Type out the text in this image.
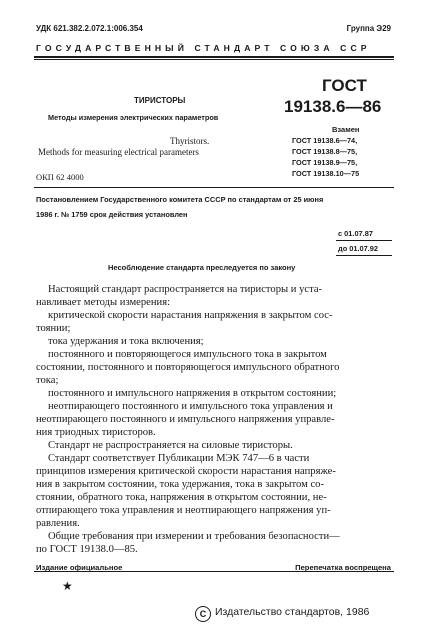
УДК 621.382.2.072.1:006.354	Группа Э29
ГОСУДАРСТВЕННЫЙ СТАНДАРТ СОЮЗА ССР
ТИРИСТОРЫ
Методы измерения электрических параметров
Thyristors.
Methods for measuring electrical parameters
ОКП 62 4000
ГОСТ
19138.6—86
Взамен
ГОСТ 19138.6—74,
ГОСТ 19138.8—75,
ГОСТ 19138.9—75,
ГОСТ 19138.10—75
Постановлением Государственного комитета СССР по стандартам от 25 июня
1986 г. № 1759 срок действия установлен
с 01.07.87
до 01.07.92
Несоблюдение стандарта преследуется по закону
Настоящий стандарт распространяется на тиристоры и уста-
навливает методы измерения:
критической скорости нарастания напряжения в закрытом сос-
тоянии;
тока удержания и тока включения;
постоянного и повторяющегося импульсного тока в закрытом
состоянии, постоянного и повторяющегося импульсного обратного
тока;
постоянного и импульсного напряжения в открытом состоянии;
неотпирающего постоянного и импульсного тока управления и
неотпирающего постоянного и импульсного напряжения управле-
ния триодных тиристоров.
Стандарт не распространяется на силовые тиристоры.
Стандарт соответствует Публикации МЭК 747—6 в части
принципов измерения критической скорости нарастания напряже-
ния в закрытом состоянии, тока удержания, тока в закрытом со-
стоянии, обратного тока, напряжения в открытом состоянии, не-
отпирающего тока управления и неотпирающего напряжения уп-
равления.
Общие требования при измерении и требования безопасности—
по ГОСТ 19138.0—85.
Издание официальное	Перепечатка воспрещена
★
C Издательство стандартов, 1986
